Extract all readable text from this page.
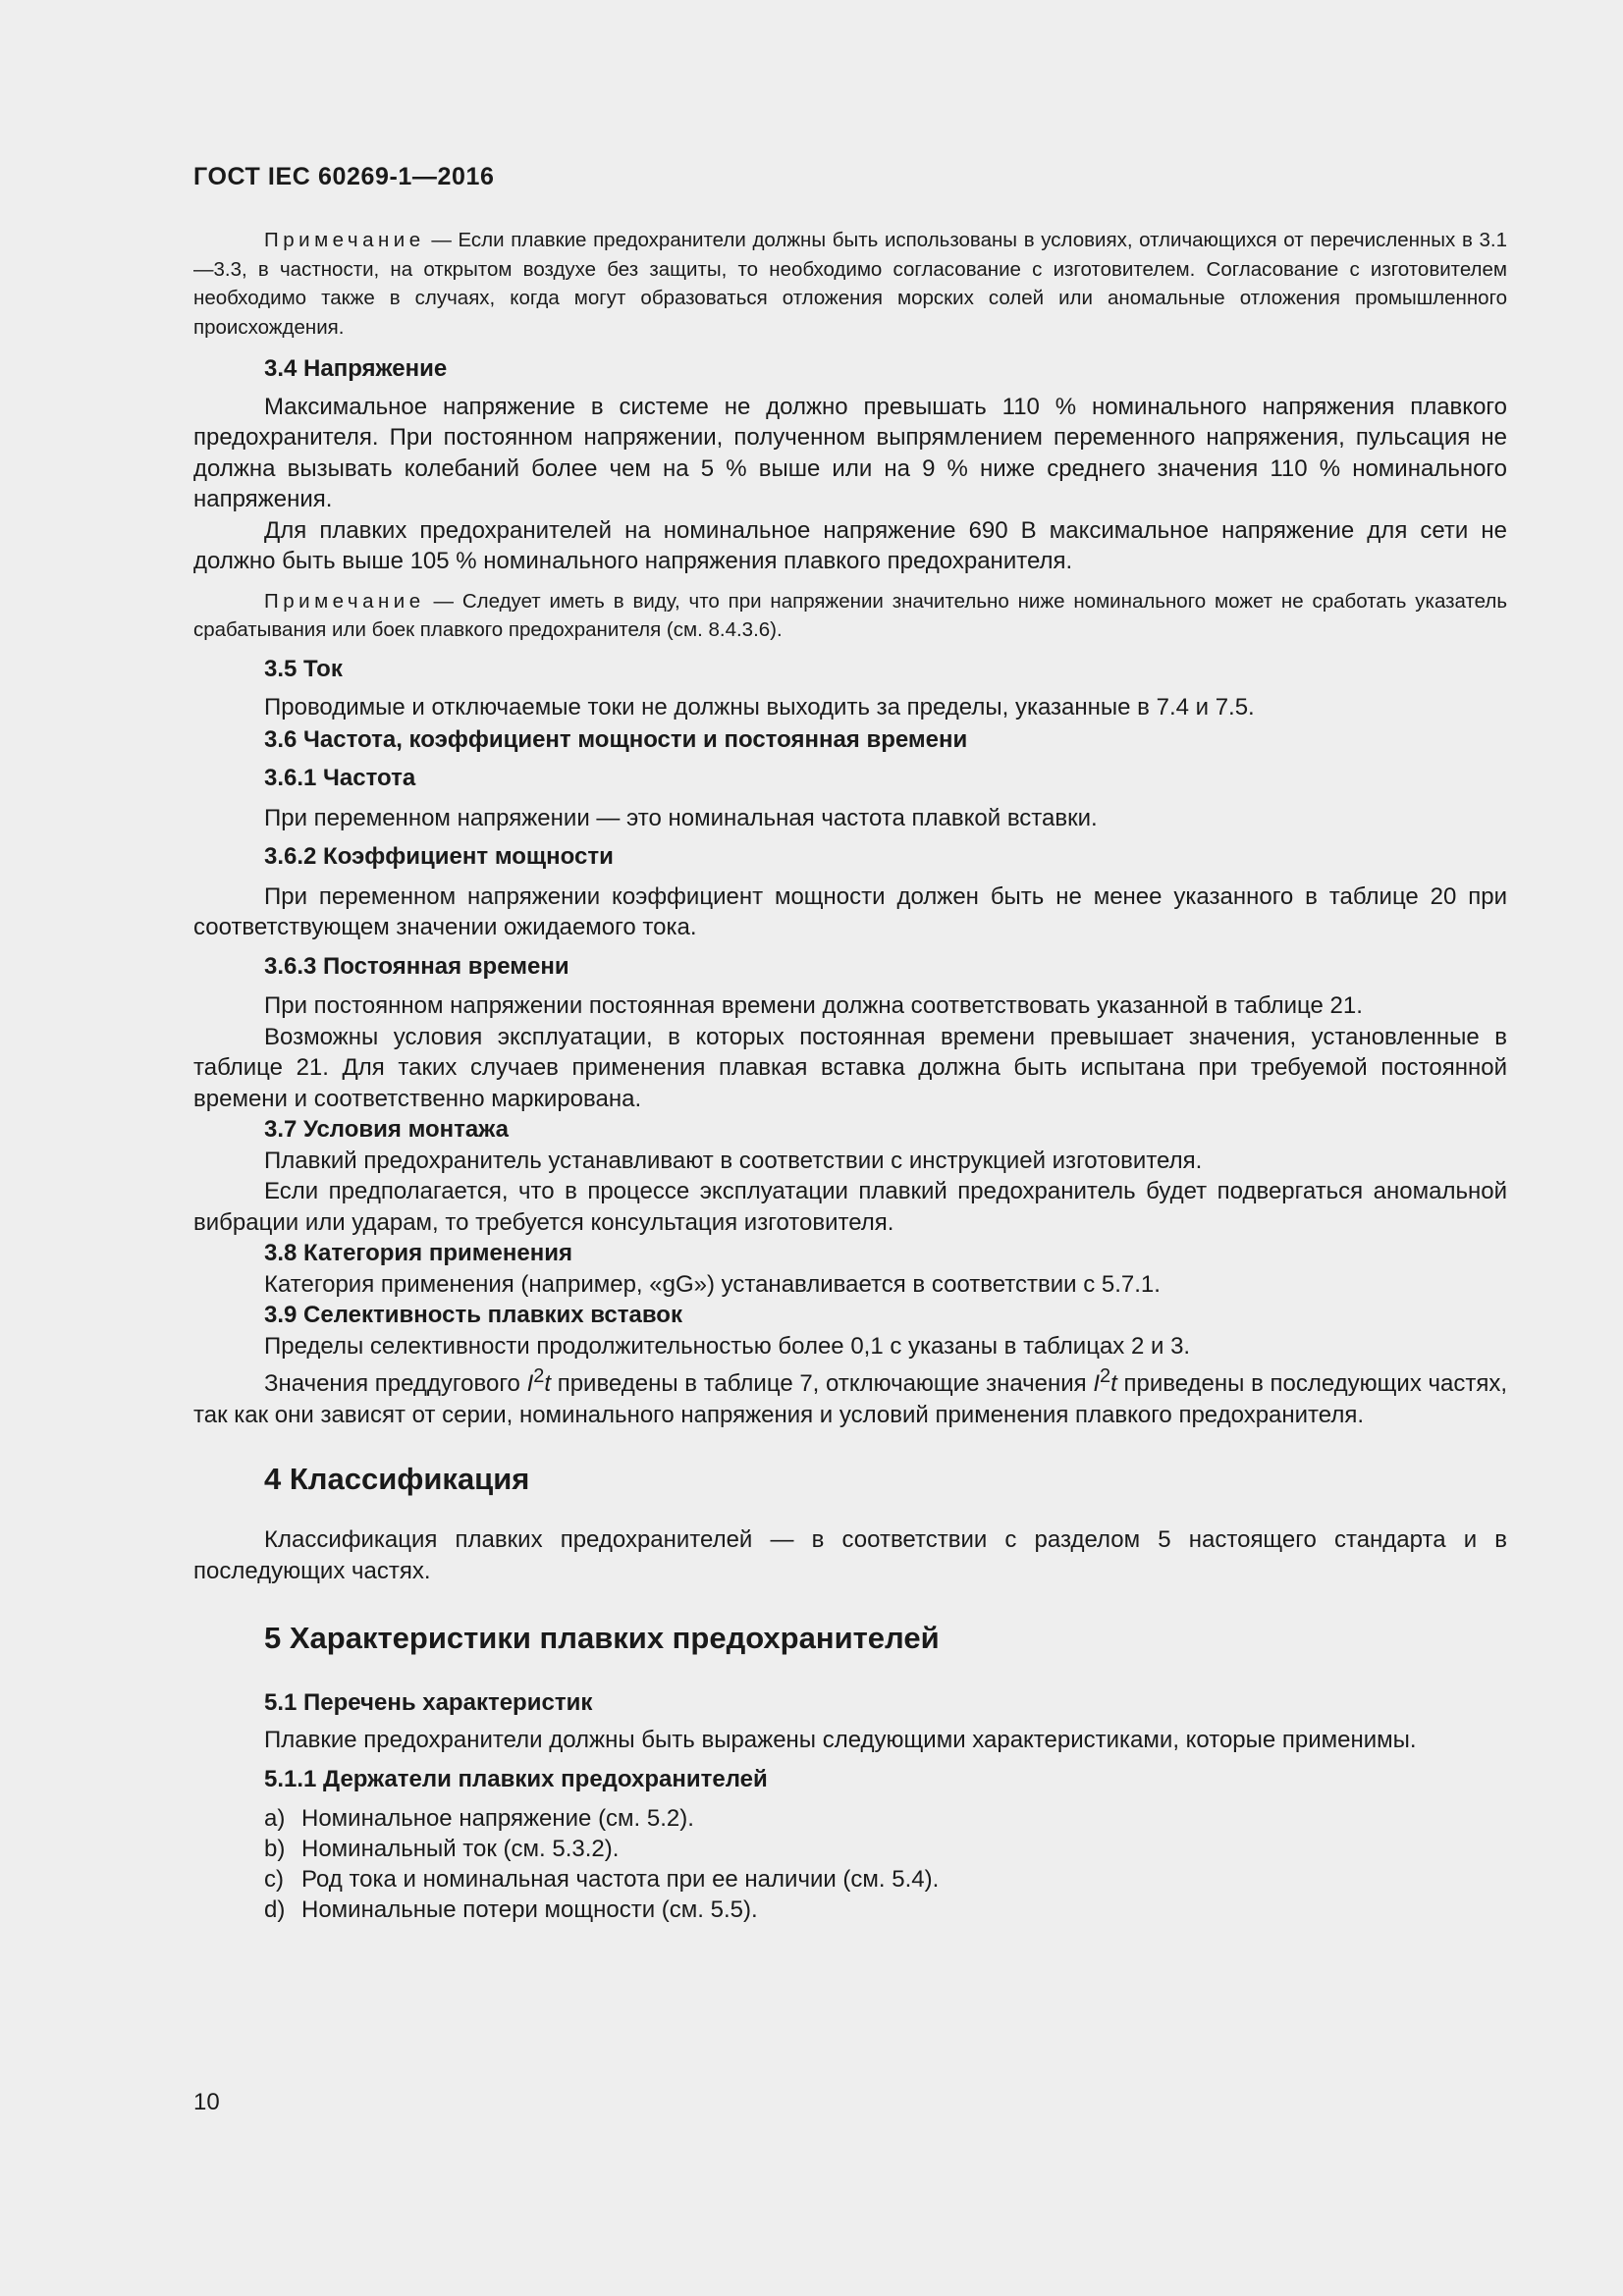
ГОСТ IEC 60269-1—2016

Примечание — Если плавкие предохранители должны быть использованы в условиях, отличающихся от перечисленных в 3.1—3.3, в частности, на открытом воздухе без защиты, то необходимо согласование с изготовителем. Согласование с изготовителем необходимо также в случаях, когда могут образоваться отложения морских солей или аномальные отложения промышленного происхождения.

3.4 Напряжение

Максимальное напряжение в системе не должно превышать 110 % номинального напряжения плавкого предохранителя. При постоянном напряжении, полученном выпрямлением переменного напряжения, пульсация не должна вызывать колебаний более чем на 5 % выше или на 9 % ниже среднего значения 110 % номинального напряжения.

Для плавких предохранителей на номинальное напряжение 690 В максимальное напряжение для сети не должно быть выше 105 % номинального напряжения плавкого предохранителя.

Примечание — Следует иметь в виду, что при напряжении значительно ниже номинального может не сработать указатель срабатывания или боек плавкого предохранителя (см. 8.4.3.6).

3.5 Ток

Проводимые и отключаемые токи не должны выходить за пределы, указанные в 7.4 и 7.5.

3.6 Частота, коэффициент мощности и постоянная времени

3.6.1 Частота

При переменном напряжении — это номинальная частота плавкой вставки.

3.6.2 Коэффициент мощности

При переменном напряжении коэффициент мощности должен быть не менее указанного в таблице 20 при соответствующем значении ожидаемого тока.

3.6.3 Постоянная времени

При постоянном напряжении постоянная времени должна соответствовать указанной в таблице 21.

Возможны условия эксплуатации, в которых постоянная времени превышает значения, установленные в таблице 21. Для таких случаев применения плавкая вставка должна быть испытана при требуемой постоянной времени и соответственно маркирована.

3.7 Условия монтажа

Плавкий предохранитель устанавливают в соответствии с инструкцией изготовителя.

Если предполагается, что в процессе эксплуатации плавкий предохранитель будет подвергаться аномальной вибрации или ударам, то требуется консультация изготовителя.

3.8 Категория применения

Категория применения (например, «gG») устанавливается в соответствии с 5.7.1.

3.9 Селективность плавких вставок

Пределы селективности продолжительностью более 0,1 с указаны в таблицах 2 и 3.

Значения преддугового $I^2t$ приведены в таблице 7, отключающие значения $I^2t$ приведены в последующих частях, так как они зависят от серии, номинального напряжения и условий применения плавкого предохранителя.

4 Классификация

Классификация плавких предохранителей — в соответствии с разделом 5 настоящего стандарта и в последующих частях.

5 Характеристики плавких предохранителей

5.1 Перечень характеристик

Плавкие предохранители должны быть выражены следующими характеристиками, которые применимы.

5.1.1 Держатели плавких предохранителей

a) Номинальное напряжение (см. 5.2).

b) Номинальный ток (см. 5.3.2).

c) Род тока и номинальная частота при ее наличии (см. 5.4).

d) Номинальные потери мощности (см. 5.5).

10
